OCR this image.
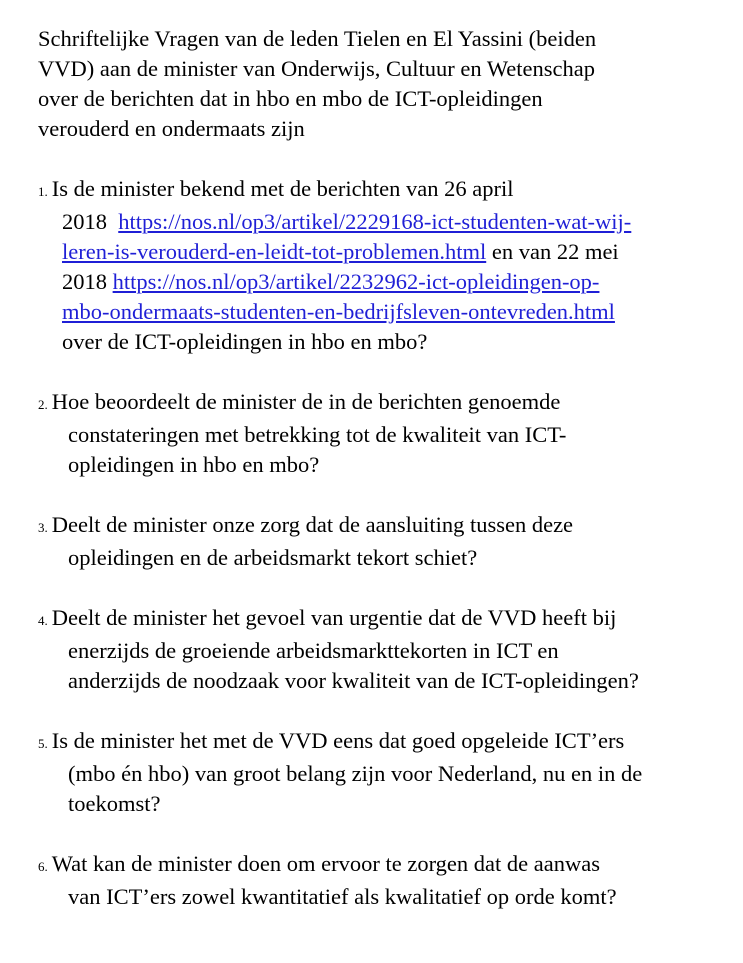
Schriftelijke Vragen van de leden Tielen en El Yassini (beiden
VVD) aan de minister van Onderwijs, Cultuur en Wetenschap
over de berichten dat in hbo en mbo de ICT-opleidingen
verouderd en ondermaats zijn
1. Is de minister bekend met de berichten van 26 april
2018  https://nos.nl/op3/artikel/2229168-ict-studenten-wat-wij-
leren-is-verouderd-en-leidt-tot-problemen.html en van 22 mei
2018 https://nos.nl/op3/artikel/2232962-ict-opleidingen-op-
mbo-ondermaats-studenten-en-bedrijfsleven-ontevreden.html
over de ICT-opleidingen in hbo en mbo?
2. Hoe beoordeelt de minister de in de berichten genoemde
constateringen met betrekking tot de kwaliteit van ICT-
opleidingen in hbo en mbo?
3. Deelt de minister onze zorg dat de aansluiting tussen deze
opleidingen en de arbeidsmarkt tekort schiet?
4. Deelt de minister het gevoel van urgentie dat de VVD heeft bij
enerzijds de groeiende arbeidsmarkttekorten in ICT en
anderzijds de noodzaak voor kwaliteit van de ICT-opleidingen?
5. Is de minister het met de VVD eens dat goed opgeleide ICT’ers
(mbo én hbo) van groot belang zijn voor Nederland, nu en in de
toekomst?
6. Wat kan de minister doen om ervoor te zorgen dat de aanwas
van ICT’ers zowel kwantitatief als kwalitatief op orde komt?
